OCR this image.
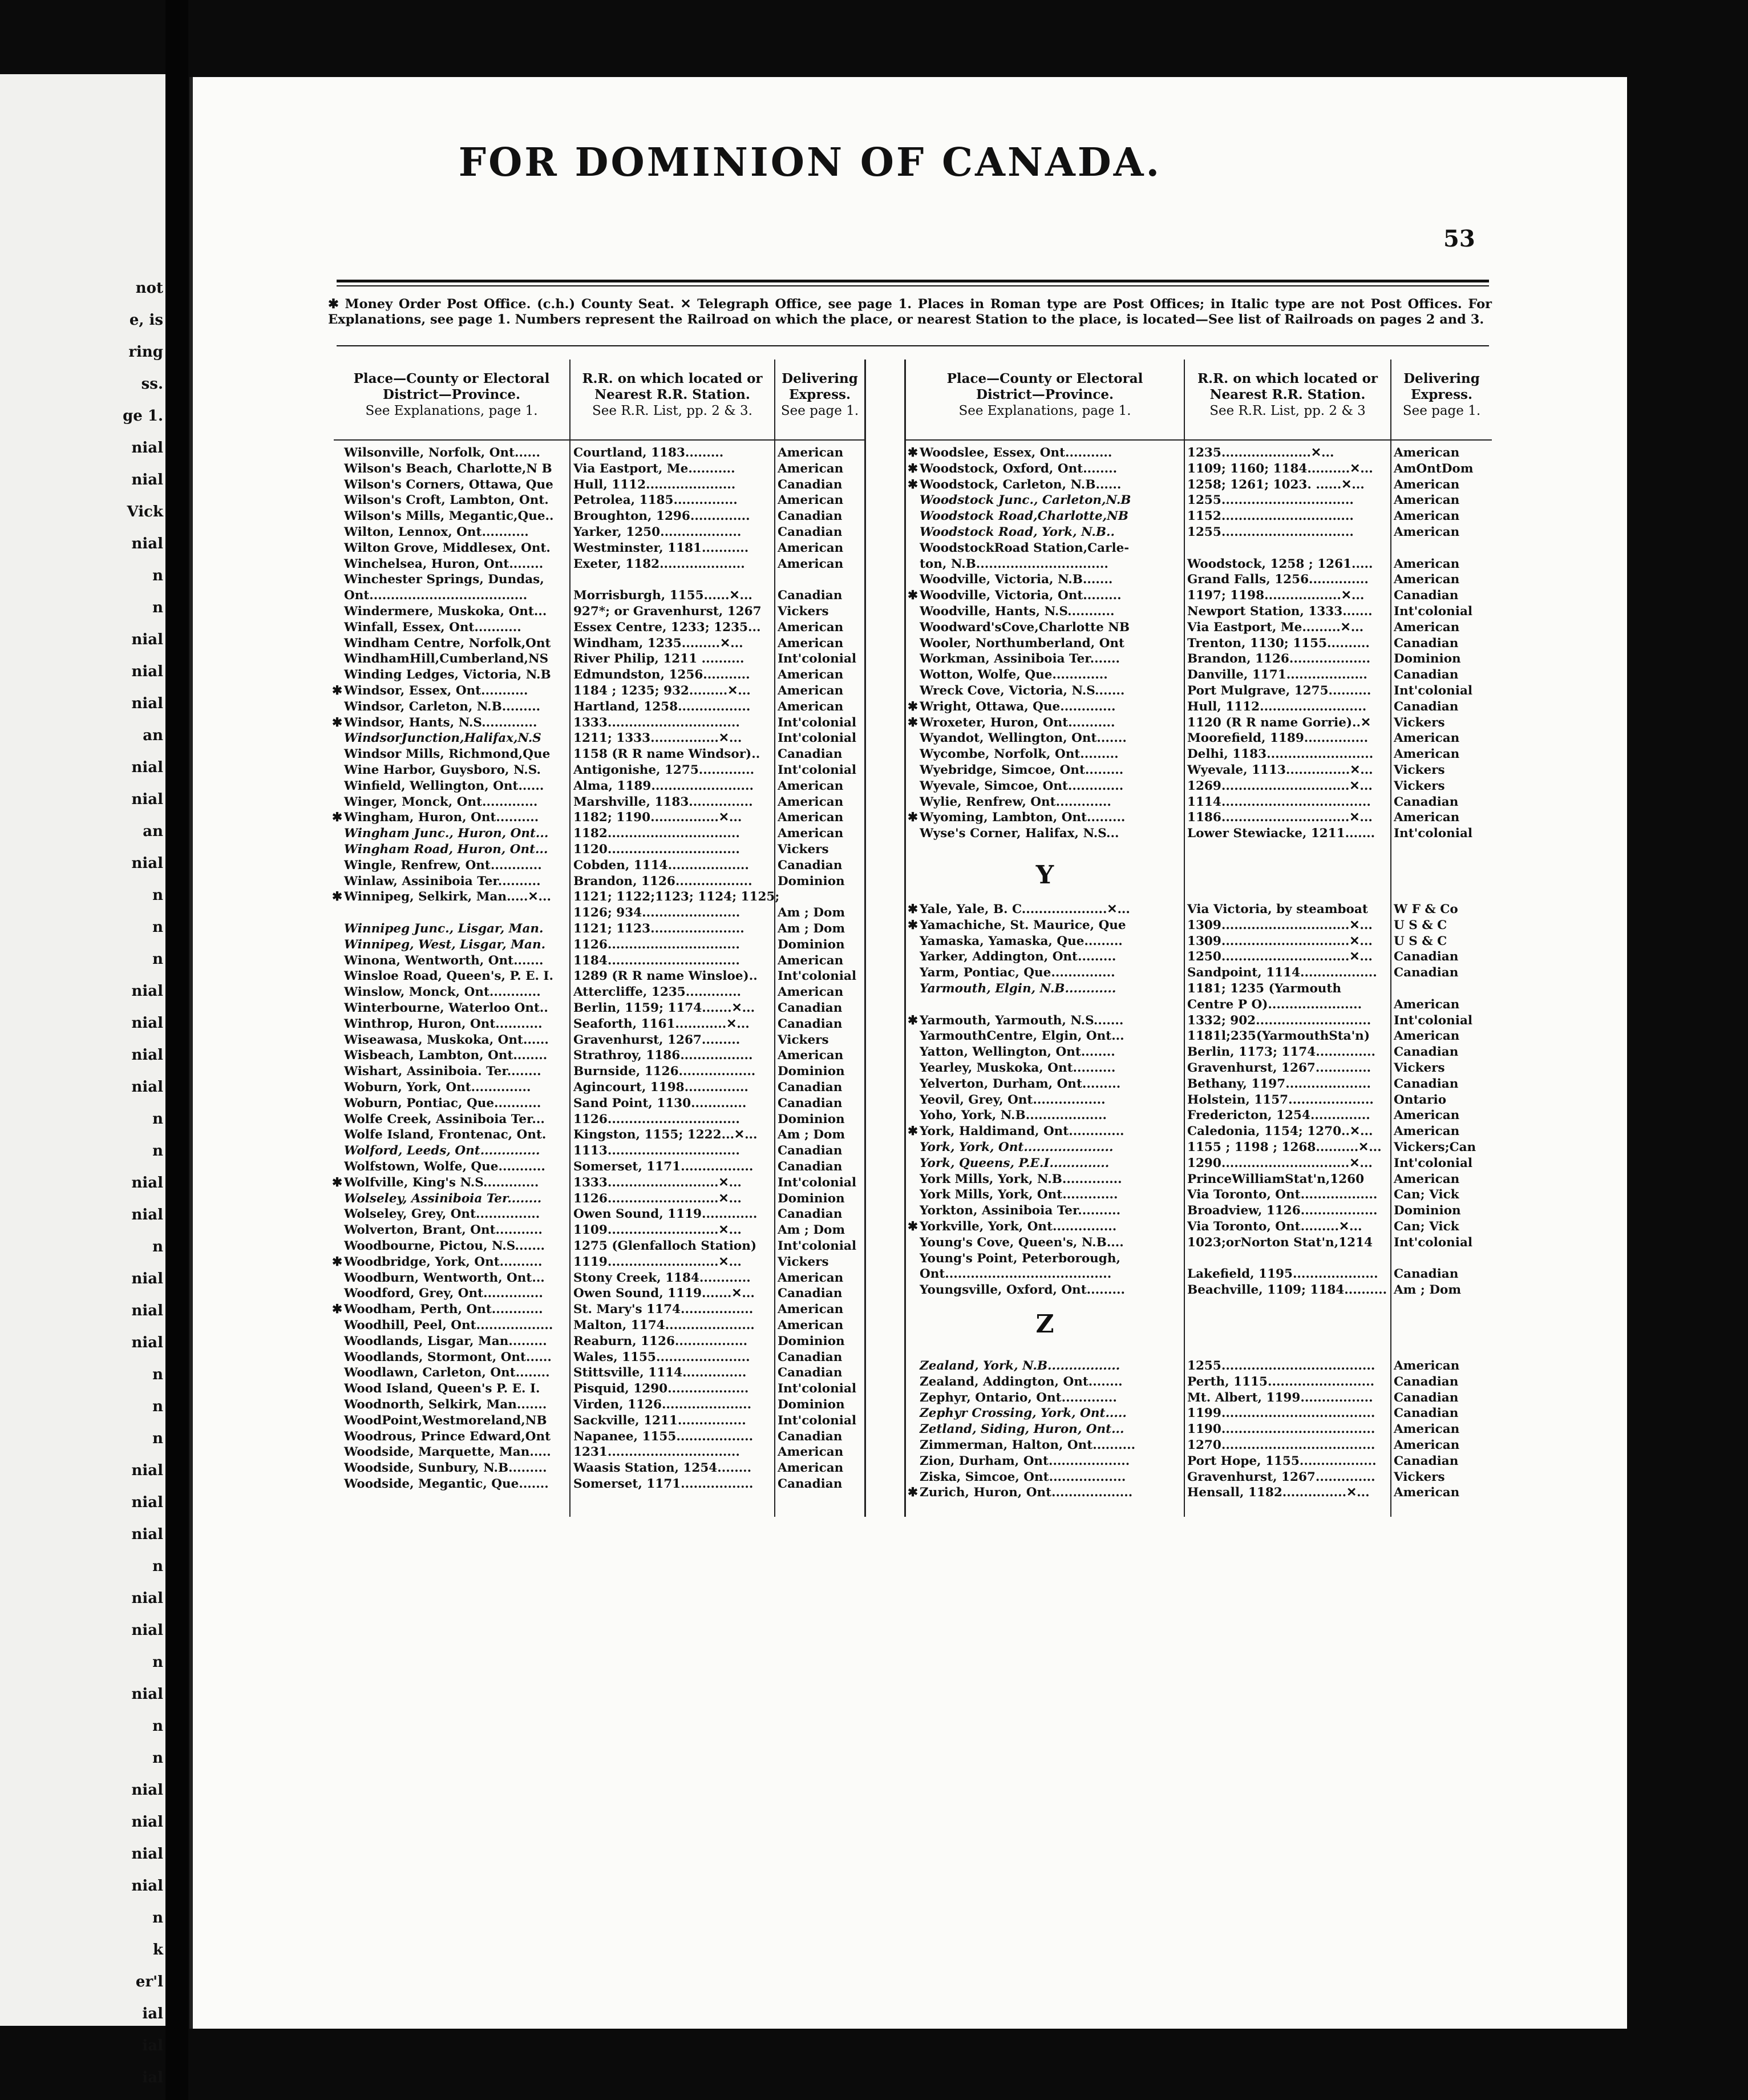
not
e, is
ring
ss.
ge 1.
nial
nial
Vick
nial
n
n
nial
nial
nial
an
nial
nial
an
nial
n
n
n
nial
nial
nial
nial
n
n
nial
nial
n
nial
nial
nial
n
n
n
nial
nial
nial
n
nial
nial
n
nial
n
n
nial
nial
nial
nial
n
k
er'l
ial
ial
ial
FOR DOMINION OF CANADA.
53
✱ Money Order Post Office. (c.h.) County Seat. ✕ Telegraph Office, see page 1. Places in Roman type are Post Offices; in Italic type are not Post Offices. For Explanations, see page 1. Numbers represent the Railroad on which the place, or nearest Station to the place, is located—See list of Railroads on pages 2 and 3.
Place—County or Electoral
District—Province.
See Explanations, page 1.
R.R. on which located or
Nearest R.R. Station.
See R.R. List, pp. 2 & 3.
Delivering
Express.
See page 1.
Place—County or Electoral
District—Province.
See Explanations, page 1.
R.R. on which located or
Nearest R.R. Station.
See R.R. List, pp. 2 & 3
Delivering
Express.
See page 1.
Wilsonville, Norfolk, Ont......	Courtland, 1183.........	American
Wilson's Beach, Charlotte,N B	Via Eastport, Me...........	American
Wilson's Corners, Ottawa, Que	Hull, 1112.....................	Canadian
Wilson's Croft, Lambton, Ont.	Petrolea, 1185...............	American
Wilson's Mills, Megantic,Que..	Broughton, 1296..............	Canadian
Wilton, Lennox, Ont...........	Yarker, 1250...................	Canadian
Wilton Grove, Middlesex, Ont.	Westminster, 1181...........	American
Winchelsea, Huron, Ont........	Exeter, 1182....................	American
Winchester Springs, Dundas,
Ont.....................................	Morrisburgh, 1155......✕...	Canadian
Windermere, Muskoka, Ont...	927*; or Gravenhurst, 1267	Vickers
Winfall, Essex, Ont...........	Essex Centre, 1233; 1235...	American
Windham Centre, Norfolk,Ont	Windham, 1235.........✕...	American
WindhamHill,Cumberland,NS	River Philip, 1211 ..........	Int'colonial
Winding Ledges, Victoria, N.B	Edmundston, 1256...........	American
✱ Windsor, Essex, Ont...........	1184 ; 1235; 932.........✕...	American
Windsor, Carleton, N.B.........	Hartland, 1258.................	American
✱ Windsor, Hants, N.S.............	1333...............................	Int'colonial
WindsorJunction,Halifax,N.S	1211; 1333................✕...	Int'colonial
Windsor Mills, Richmond,Que	1158 (R R name Windsor)..	Canadian
Wine Harbor, Guysboro, N.S.	Antigonishe, 1275.............	Int'colonial
Winfield, Wellington, Ont......	Alma, 1189........................	American
Winger, Monck, Ont.............	Marshville, 1183...............	American
✱ Wingham, Huron, Ont..........	1182; 1190................✕...	American
Wingham Junc., Huron, Ont...	1182...............................	American
Wingham Road, Huron, Ont...	1120...............................	Vickers
Wingle, Renfrew, Ont............	Cobden, 1114...................	Canadian
Winlaw, Assiniboia Ter..........	Brandon, 1126..................	Dominion
✱ Winnipeg, Selkirk, Man.....✕...	1121; 1122;1123; 1124; 1125;
1126; 934.......................	Am ; Dom
Winnipeg Junc., Lisgar, Man.	1121; 1123......................	Am ; Dom
Winnipeg, West, Lisgar, Man.	1126...............................	Dominion
Winona, Wentworth, Ont.......	1184...............................	American
Winsloe Road, Queen's, P. E. I.	1289 (R R name Winsloe)..	Int'colonial
Winslow, Monck, Ont............	Attercliffe, 1235.............	American
Winterbourne, Waterloo Ont..	Berlin, 1159; 1174.......✕...	Canadian
Winthrop, Huron, Ont...........	Seaforth, 1161............✕...	Canadian
Wiseawasa, Muskoka, Ont......	Gravenhurst, 1267.........	Vickers
Wisbeach, Lambton, Ont........	Strathroy, 1186.................	American
Wishart, Assiniboia. Ter........	Burnside, 1126..................	Dominion
Woburn, York, Ont..............	Agincourt, 1198...............	Canadian
Woburn, Pontiac, Que...........	Sand Point, 1130.............	Canadian
Wolfe Creek, Assiniboia Ter...	1126...............................	Dominion
Wolfe Island, Frontenac, Ont.	Kingston, 1155; 1222...✕...	Am ; Dom
Wolford, Leeds, Ont..............	1113...............................	Canadian
Wolfstown, Wolfe, Que...........	Somerset, 1171.................	Canadian
✱ Wolfville, King's N.S.............	1333..........................✕...	Int'colonial
Wolseley, Assiniboia Ter........	1126..........................✕...	Dominion
Wolseley, Grey, Ont...............	Owen Sound, 1119.............	Canadian
Wolverton, Brant, Ont...........	1109..........................✕...	Am ; Dom
Woodbourne, Pictou, N.S.......	1275 (Glenfalloch Station)	Int'colonial
✱ Woodbridge, York, Ont..........	1119..........................✕...	Vickers
Woodburn, Wentworth, Ont...	Stony Creek, 1184............	American
Woodford, Grey, Ont..............	Owen Sound, 1119.......✕...	Canadian
✱ Woodham, Perth, Ont............	St. Mary's 1174.................	American
Woodhill, Peel, Ont..................	Malton, 1174.....................	American
Woodlands, Lisgar, Man.........	Reaburn, 1126.................	Dominion
Woodlands, Stormont, Ont......	Wales, 1155......................	Canadian
Woodlawn, Carleton, Ont........	Stittsville, 1114...............	Canadian
Wood Island, Queen's P. E. I.	Pisquid, 1290...................	Int'colonial
Woodnorth, Selkirk, Man.......	Virden, 1126.....................	Dominion
WoodPoint,Westmoreland,NB	Sackville, 1211................	Int'colonial
Woodrous, Prince Edward,Ont	Napanee, 1155..................	Canadian
Woodside, Marquette, Man.....	1231...............................	American
Woodside, Sunbury, N.B.........	Waasis Station, 1254........	American
Woodside, Megantic, Que.......	Somerset, 1171.................	Canadian
✱ Woodslee, Essex, Ont...........	1235.....................✕...	American
✱ Woodstock, Oxford, Ont........	1109; 1160; 1184..........✕...	AmOntDom
✱ Woodstock, Carleton, N.B......	1258; 1261; 1023. ......✕...	American
Woodstock Junc., Carleton,N.B	1255...............................	American
Woodstock Road,Charlotte,NB	1152...............................	American
Woodstock Road, York, N.B..	1255...............................	American
WoodstockRoad Station,Carle-
ton, N.B...............................	Woodstock, 1258 ; 1261.....	American
Woodville, Victoria, N.B.......	Grand Falls, 1256..............	American
✱ Woodville, Victoria, Ont.........	1197; 1198..................✕...	Canadian
Woodville, Hants, N.S...........	Newport Station, 1333.......	Int'colonial
Woodward'sCove,Charlotte NB	Via Eastport, Me.........✕...	American
Wooler, Northumberland, Ont	Trenton, 1130; 1155..........	Canadian
Workman, Assiniboia Ter.......	Brandon, 1126...................	Dominion
Wotton, Wolfe, Que.............	Danville, 1171...................	Canadian
Wreck Cove, Victoria, N.S.......	Port Mulgrave, 1275..........	Int'colonial
✱ Wright, Ottawa, Que.............	Hull, 1112.........................	Canadian
✱ Wroxeter, Huron, Ont...........	1120 (R R name Gorrie)..✕	Vickers
Wyandot, Wellington, Ont.......	Moorefield, 1189...............	American
Wycombe, Norfolk, Ont.........	Delhi, 1183.........................	American
Wyebridge, Simcoe, Ont.........	Wyevale, 1113...............✕...	Vickers
Wyevale, Simcoe, Ont.............	1269..............................✕...	Vickers
Wylie, Renfrew, Ont.............	1114...................................	Canadian
✱ Wyoming, Lambton, Ont.........	1186..............................✕...	American
Wyse's Corner, Halifax, N.S...	Lower Stewiacke, 1211.......	Int'colonial
✱ Yale, Yale, B. C....................✕...	Via Victoria, by steamboat	W F & Co
✱ Yamachiche, St. Maurice, Que	1309..............................✕...	U S & C
Yamaska, Yamaska, Que.........	1309..............................✕...	U S & C
Yarker, Addington, Ont.........	1250..............................✕...	Canadian
Yarm, Pontiac, Que...............	Sandpoint, 1114..................	Canadian
Yarmouth, Elgin, N.B............	1181; 1235 (Yarmouth
Centre P O)......................	American
✱ Yarmouth, Yarmouth, N.S.......	1332; 902...........................	Int'colonial
YarmouthCentre, Elgin, Ont...	1181l;235(YarmouthSta'n)	American
Yatton, Wellington, Ont........	Berlin, 1173; 1174..............	Canadian
Yearley, Muskoka, Ont..........	Gravenhurst, 1267.............	Vickers
Yelverton, Durham, Ont.........	Bethany, 1197....................	Canadian
Yeovil, Grey, Ont.................	Holstein, 1157....................	Ontario
Yoho, York, N.B...................	Fredericton, 1254..............	American
✱ York, Haldimand, Ont.............	Caledonia, 1154; 1270..✕...	American
York, York, Ont.....................	1155 ; 1198 ; 1268..........✕... Vickers;Can
York, Queens, P.E.I..............	1290..............................✕...	Int'colonial
York Mills, York, N.B..............	PrinceWilliamStat'n,1260	American
York Mills, York, Ont.............	Via Toronto, Ont..................	Can; Vick
Yorkton, Assiniboia Ter..........	Broadview, 1126..................	Dominion
✱ Yorkville, York, Ont...............	Via Toronto, Ont.........✕...	Can; Vick
Young's Cove, Queen's, N.B....	1023;orNorton Stat'n,1214	Int'colonial
Young's Point, Peterborough,
Ont.......................................	Lakefield, 1195....................	Canadian
Youngsville, Oxford, Ont.........	Beachville, 1109; 1184.......... Am ; Dom
Zealand, York, N.B.................	1255....................................	American
Zealand, Addington, Ont........	Perth, 1115.........................	Canadian
Zephyr, Ontario, Ont.............	Mt. Albert, 1199.................	Canadian
Zephyr Crossing, York, Ont.....	1199....................................	Canadian
Zetland, Siding, Huron, Ont...	1190....................................	American
Zimmerman, Halton, Ont..........	1270....................................	American
Zion, Durham, Ont...................	Port Hope, 1155..................	Canadian
Ziska, Simcoe, Ont..................	Gravenhurst, 1267..............	Vickers
✱ Zurich, Huron, Ont...................	Hensall, 1182...............✕...	American
Y
Z
